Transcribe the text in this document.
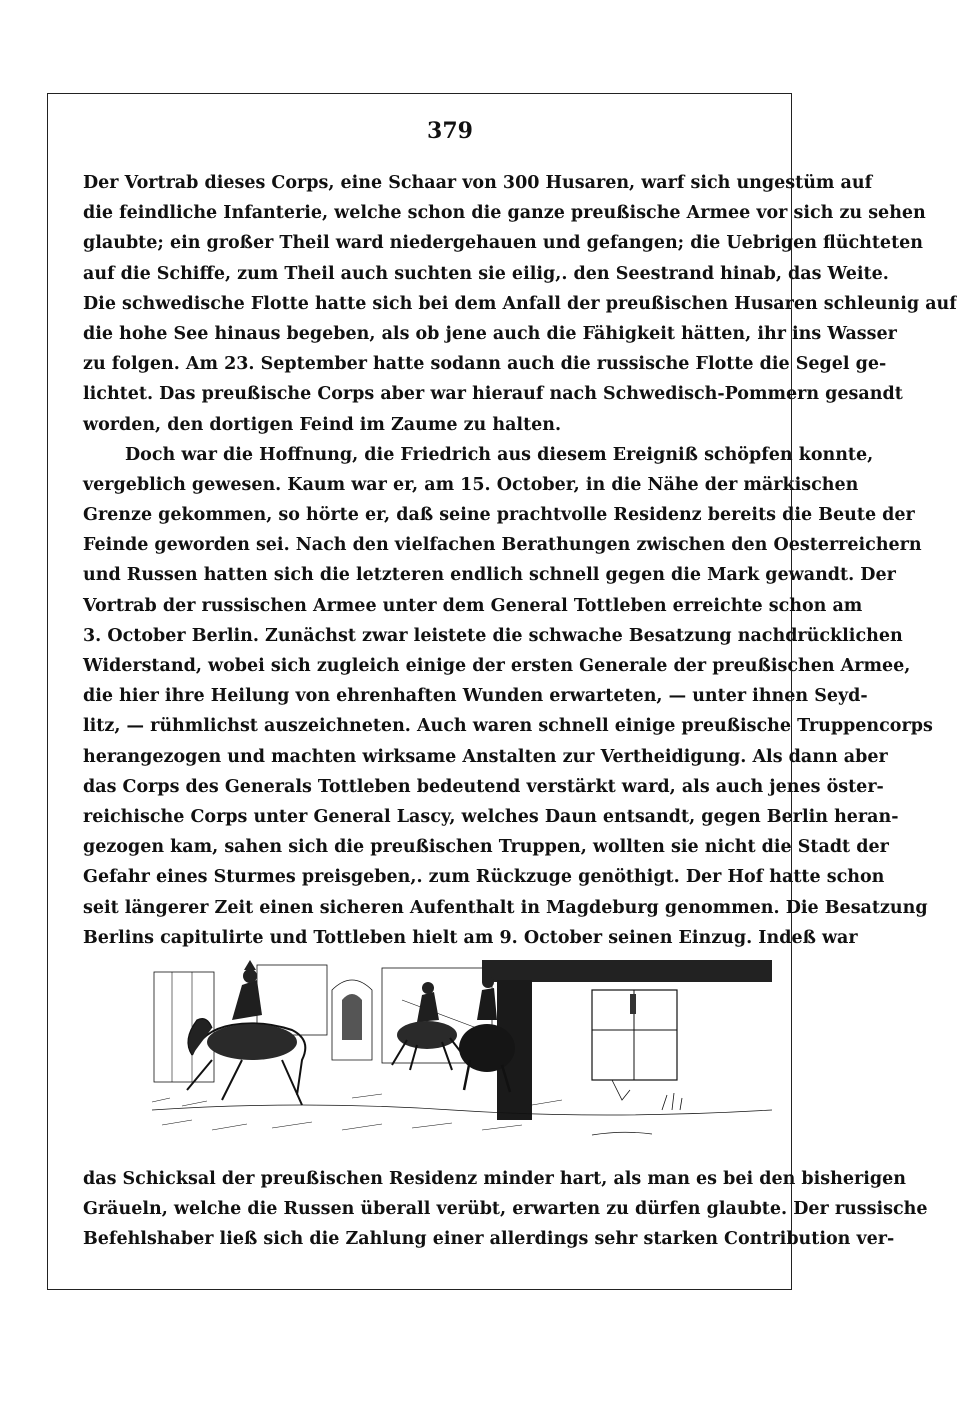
379
Der Vortrab dieses Corps, eine Schaar von 300 Husaren, warf sich ungestüm auf
die feindliche Infanterie, welche schon die ganze preußische Armee vor sich zu sehen
glaubte; ein großer Theil ward niedergehauen und gefangen; die Uebrigen flüchteten
auf die Schiffe, zum Theil auch suchten sie eilig,. den Seestrand hinab, das Weite.
Die schwedische Flotte hatte sich bei dem Anfall der preußischen Husaren schleunig auf
die hohe See hinaus begeben, als ob jene auch die Fähigkeit hätten, ihr ins Wasser
zu folgen. Am 23. September hatte sodann auch die russische Flotte die Segel ge-
lichtet. Das preußische Corps aber war hierauf nach Schwedisch-Pommern gesandt
worden, den dortigen Feind im Zaume zu halten.
Doch war die Hoffnung, die Friedrich aus diesem Ereigniß schöpfen konnte,
vergeblich gewesen. Kaum war er, am 15. October, in die Nähe der märkischen
Grenze gekommen, so hörte er, daß seine prachtvolle Residenz bereits die Beute der
Feinde geworden sei. Nach den vielfachen Berathungen zwischen den Oesterreichern
und Russen hatten sich die letzteren endlich schnell gegen die Mark gewandt. Der
Vortrab der russischen Armee unter dem General Tottleben erreichte schon am
3. October Berlin. Zunächst zwar leistete die schwache Besatzung nachdrücklichen
Widerstand, wobei sich zugleich einige der ersten Generale der preußischen Armee,
die hier ihre Heilung von ehrenhaften Wunden erwarteten, — unter ihnen Seyd-
litz, — rühmlichst auszeichneten. Auch waren schnell einige preußische Truppencorps
herangezogen und machten wirksame Anstalten zur Vertheidigung. Als dann aber
das Corps des Generals Tottleben bedeutend verstärkt ward, als auch jenes öster-
reichische Corps unter General Lascy, welches Daun entsandt, gegen Berlin heran-
gezogen kam, sahen sich die preußischen Truppen, wollten sie nicht die Stadt der
Gefahr eines Sturmes preisgeben,. zum Rückzuge genöthigt. Der Hof hatte schon
seit längerer Zeit einen sicheren Aufenthalt in Magdeburg genommen. Die Besatzung
Berlins capitulirte und Tottleben hielt am 9. October seinen Einzug. Indeß war
das Schicksal der preußischen Residenz minder hart, als man es bei den bisherigen
Gräueln, welche die Russen überall verübt, erwarten zu dürfen glaubte. Der russische
Befehlshaber ließ sich die Zahlung einer allerdings sehr starken Contribution ver-
